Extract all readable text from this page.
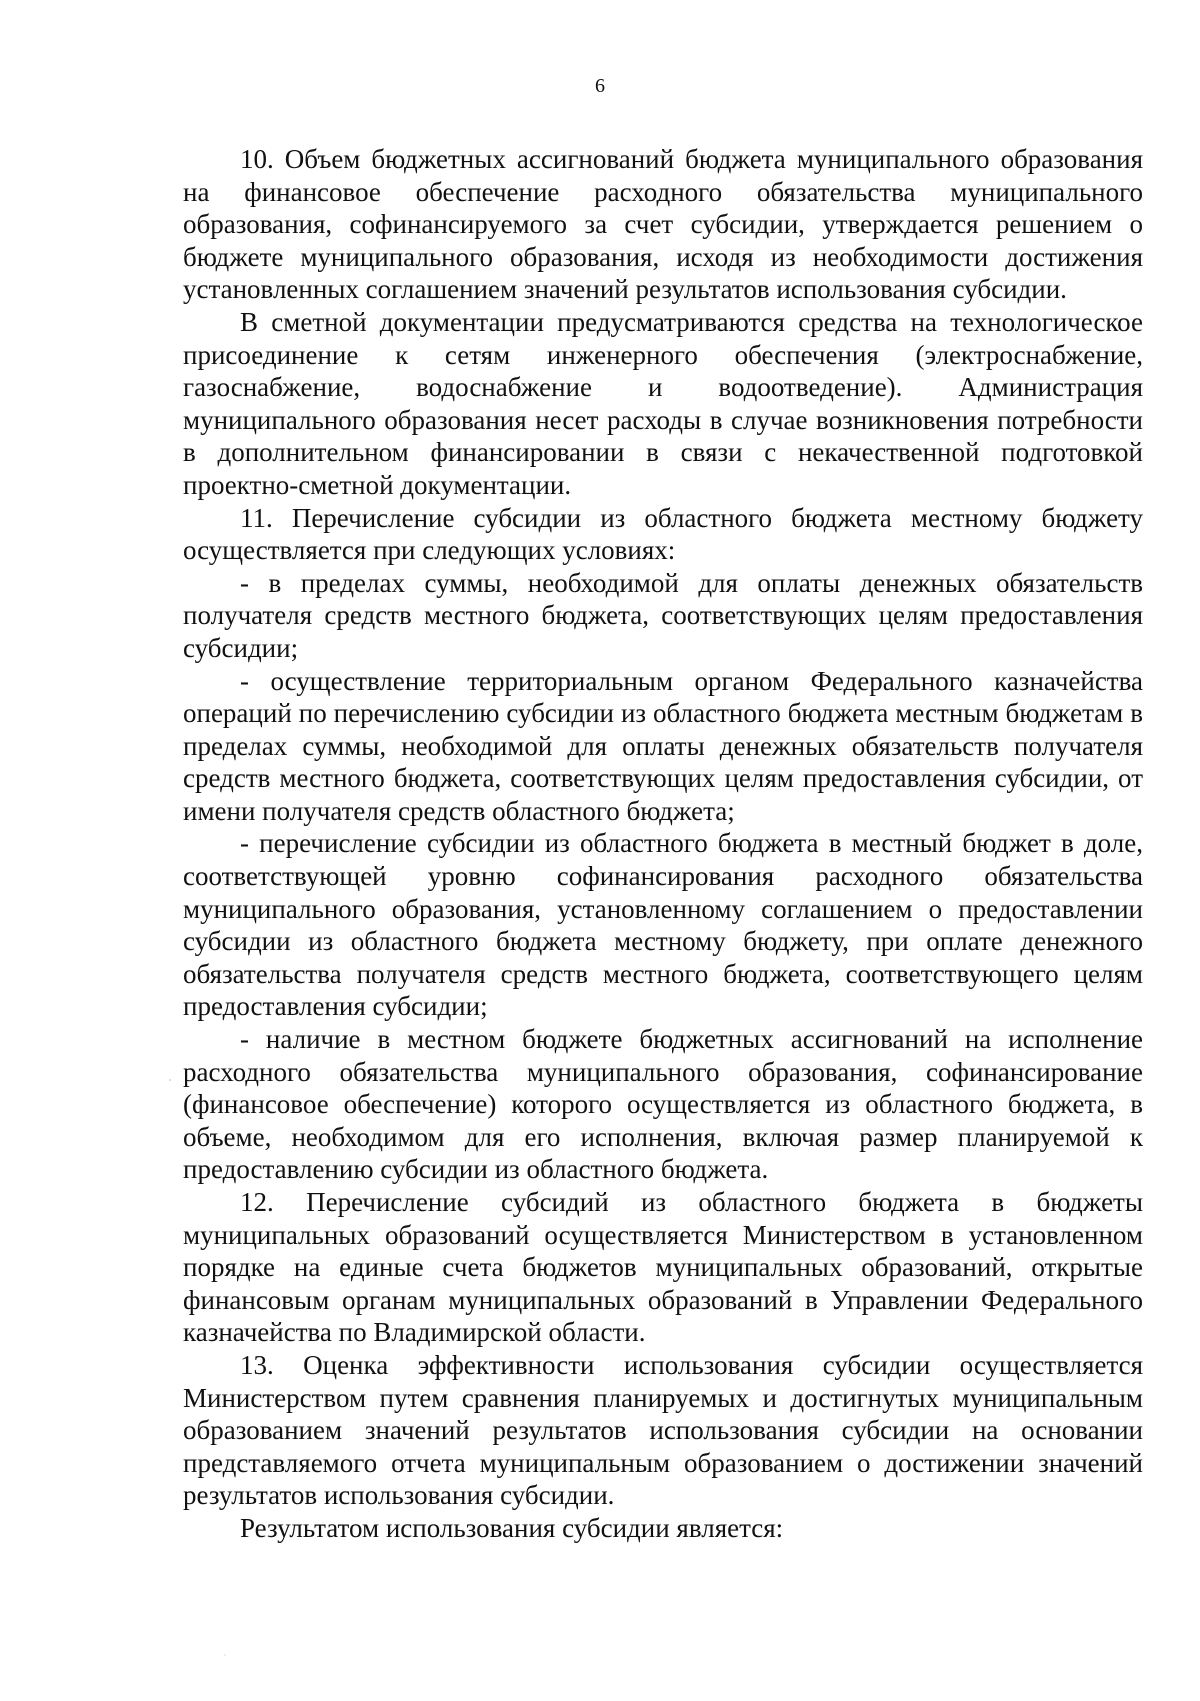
6

10. Объем бюджетных ассигнований бюджета муниципального образования на финансовое обеспечение расходного обязательства муниципального образования, софинансируемого за счет субсидии, утверждается решением о бюджете муниципального образования, исходя из необходимости достижения установленных соглашением значений результатов использования субсидии.

В сметной документации предусматриваются средства на технологическое присоединение к сетям инженерного обеспечения (электроснабжение, газоснабжение, водоснабжение и водоотведение). Администрация муниципального образования несет расходы в случае возникновения потребности в дополнительном финансировании в связи с некачественной подготовкой проектно-сметной документации.

11. Перечисление субсидии из областного бюджета местному бюджету осуществляется при следующих условиях:

- в пределах суммы, необходимой для оплаты денежных обязательств получателя средств местного бюджета, соответствующих целям предоставления субсидии;

- осуществление территориальным органом Федерального казначейства операций по перечислению субсидии из областного бюджета местным бюджетам в пределах суммы, необходимой для оплаты денежных обязательств получателя средств местного бюджета, соответствующих целям предоставления субсидии, от имени получателя средств областного бюджета;

- перечисление субсидии из областного бюджета в местный бюджет в доле, соответствующей уровню софинансирования расходного обязательства муниципального образования, установленному соглашением о предоставлении субсидии из областного бюджета местному бюджету, при оплате денежного обязательства получателя средств местного бюджета, соответствующего целям предоставления субсидии;

- наличие в местном бюджете бюджетных ассигнований на исполнение расходного обязательства муниципального образования, софинансирование (финансовое обеспечение) которого осуществляется из областного бюджета, в объеме, необходимом для его исполнения, включая размер планируемой к предоставлению субсидии из областного бюджета.

12. Перечисление субсидий из областного бюджета в бюджеты муниципальных образований осуществляется Министерством в установленном порядке на единые счета бюджетов муниципальных образований, открытые финансовым органам муниципальных образований в Управлении Федерального казначейства по Владимирской области.

13. Оценка эффективности использования субсидии осуществляется Министерством путем сравнения планируемых и достигнутых муниципальным образованием значений результатов использования субсидии на основании представляемого отчета муниципальным образованием о достижении значений результатов использования субсидии.

Результатом использования субсидии является:
